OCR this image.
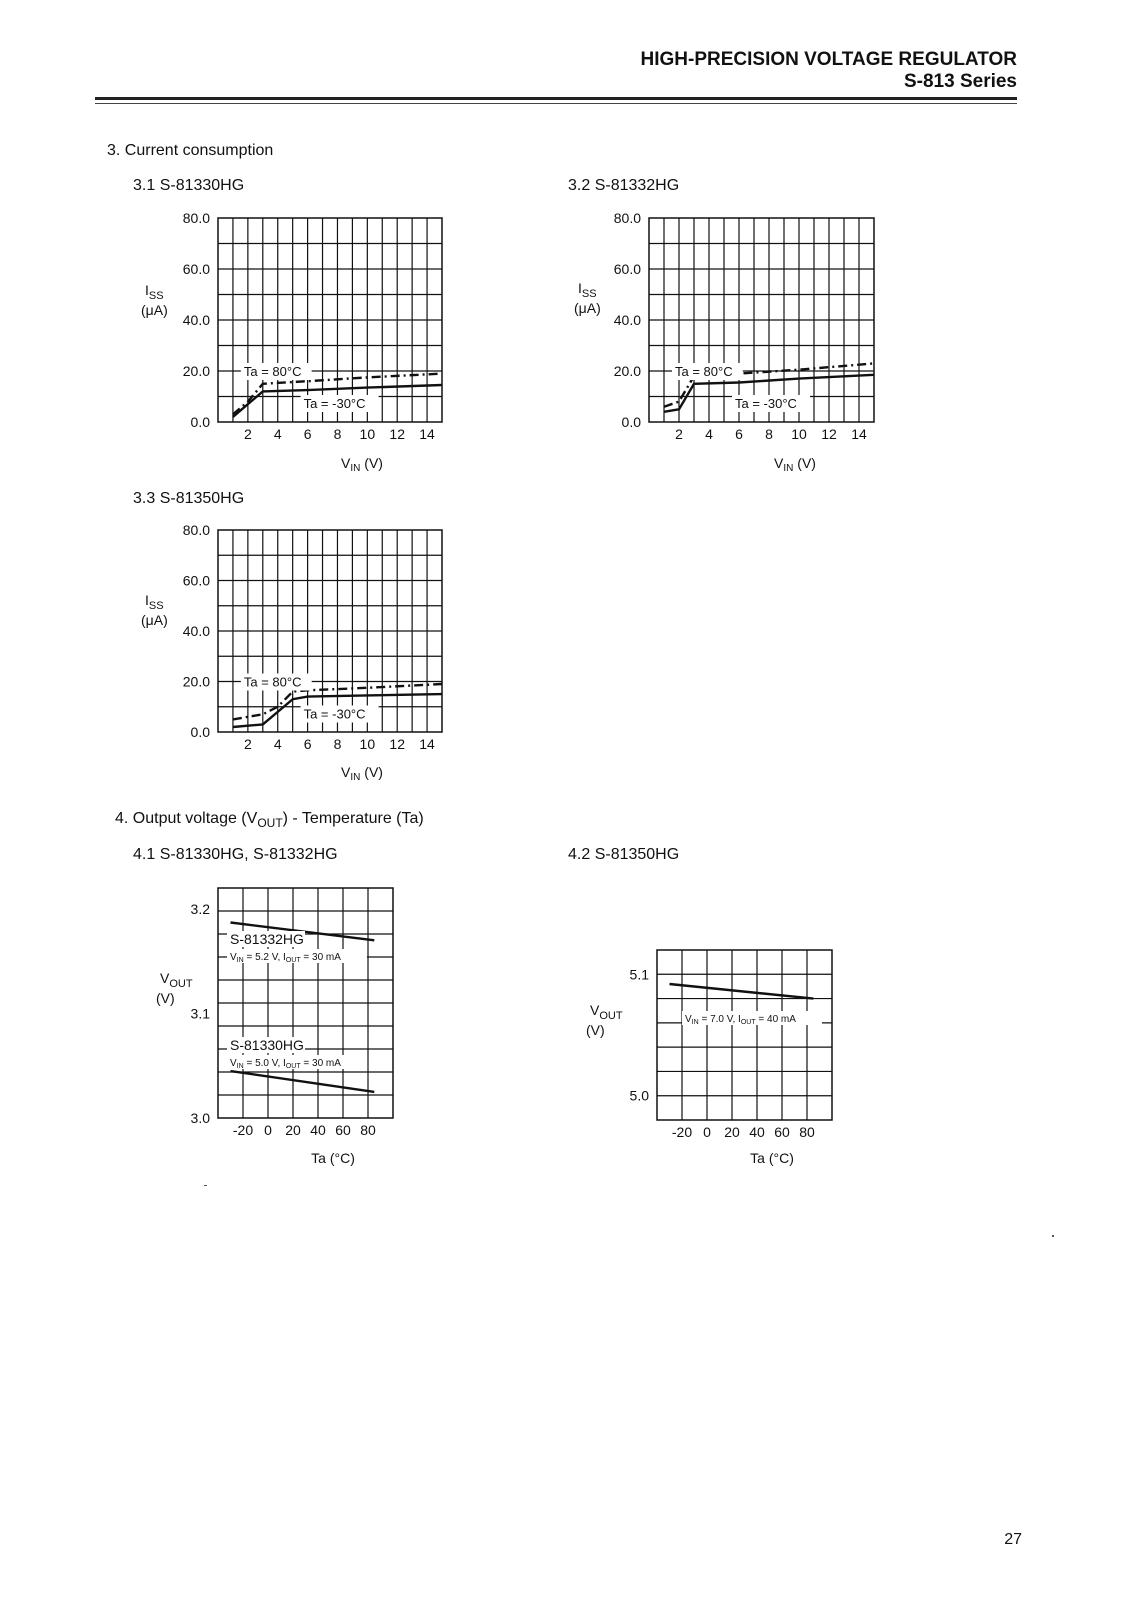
HIGH-PRECISION VOLTAGE REGULATOR
S-813 Series
3. Current consumption
3.1 S-81330HG	3.2 S-81332HG
3.3 S-81350HG
4. Output voltage $(V_{OUT})$ - Temperature (Ta)
4.1 S-81330HG, S-81332HG	4.2 S-81350HG
0.0
20.0
40.0
60.0
80.0
2 4 6 8 10 12 14
$I_{SS}$
(μA)
$V_{IN}$ (V)
Ta = 80°C
Ta = -30°C
0.0
20.0
40.0
60.0
80.0
2 4 6 8 10 12 14
$I_{SS}$
(μA)
$V_{IN}$ (V)
Ta = 80°C
Ta = -30°C
0.0
20.0
40.0
60.0
80.0
2 4 6 8 10 12 14
$I_{SS}$
(μA)
$V_{IN}$ (V)
Ta = 80°C
Ta = -30°C
3.0
3.1
3.2
-20 0 20 40 60 80
$V_{OUT}$
(V)
Ta (°C)
S-81332HG
$V_{IN} = 5.2$ V, $I_{OUT} = 30$ mA
S-81330HG
$V_{IN} = 5.0$ V, $I_{OUT} = 30$ mA
5.0
5.1
-20 0 20 40 60 80
$V_{OUT}$
(V)
Ta (°C)
$V_{IN} = 7.0$ V, $I_{OUT} = 40$ mA
27
